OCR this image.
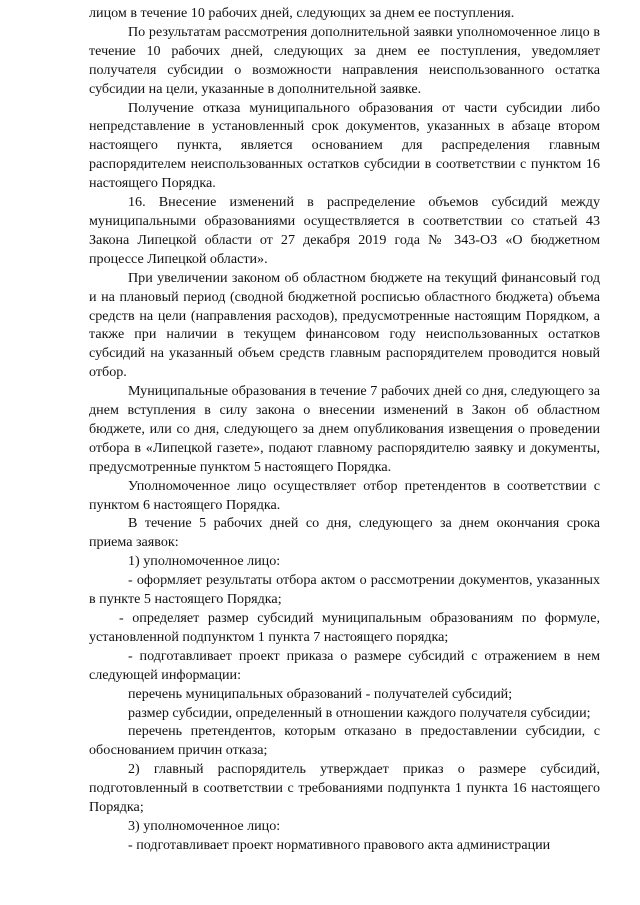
лицом в течение 10 рабочих дней, следующих за днем ее поступления.

По результатам рассмотрения дополнительной заявки уполномоченное лицо в течение 10 рабочих дней, следующих за днем ее поступления, уведомляет получателя субсидии о возможности направления неиспользованного остатка субсидии на цели, указанные в дополнительной заявке.

Получение отказа муниципального образования от части субсидии либо непредставление в установленный срок документов, указанных в абзаце втором настоящего пункта, является основанием для распределения главным распорядителем неиспользованных остатков субсидии в соответствии с пунктом 16 настоящего Порядка.

16. Внесение изменений в распределение объемов субсидий между муниципальными образованиями осуществляется в соответствии со статьей 43 Закона Липецкой области от 27 декабря 2019 года № 343-ОЗ «О бюджетном процессе Липецкой области».

При увеличении законом об областном бюджете на текущий финансовый год и на плановый период (сводной бюджетной росписью областного бюджета) объема средств на цели (направления расходов), предусмотренные настоящим Порядком, а также при наличии в текущем финансовом году неиспользованных остатков субсидий на указанный объем средств главным распорядителем проводится новый отбор.

Муниципальные образования в течение 7 рабочих дней со дня, следующего за днем вступления в силу закона о внесении изменений в Закон об областном бюджете, или со дня, следующего за днем опубликования извещения о проведении отбора в «Липецкой газете», подают главному распорядителю заявку и документы, предусмотренные пунктом 5 настоящего Порядка.

Уполномоченное лицо осуществляет отбор претендентов в соответствии с пунктом 6 настоящего Порядка.

В течение 5 рабочих дней со дня, следующего за днем окончания срока приема заявок:

1) уполномоченное лицо:

- оформляет результаты отбора актом о рассмотрении документов, указанных в пункте 5 настоящего Порядка;

- определяет размер субсидий муниципальным образованиям по формуле, установленной подпунктом 1 пункта 7 настоящего порядка;

- подготавливает проект приказа о размере субсидий с отражением в нем следующей информации:

перечень муниципальных образований - получателей субсидий;

размер субсидии, определенный в отношении каждого получателя субсидии;

перечень претендентов, которым отказано в предоставлении субсидии, с обоснованием причин отказа;

2) главный распорядитель утверждает приказ о размере субсидий, подготовленный в соответствии с требованиями подпункта 1 пункта 16 настоящего Порядка;

3) уполномоченное лицо:

- подготавливает проект нормативного правового акта администрации
